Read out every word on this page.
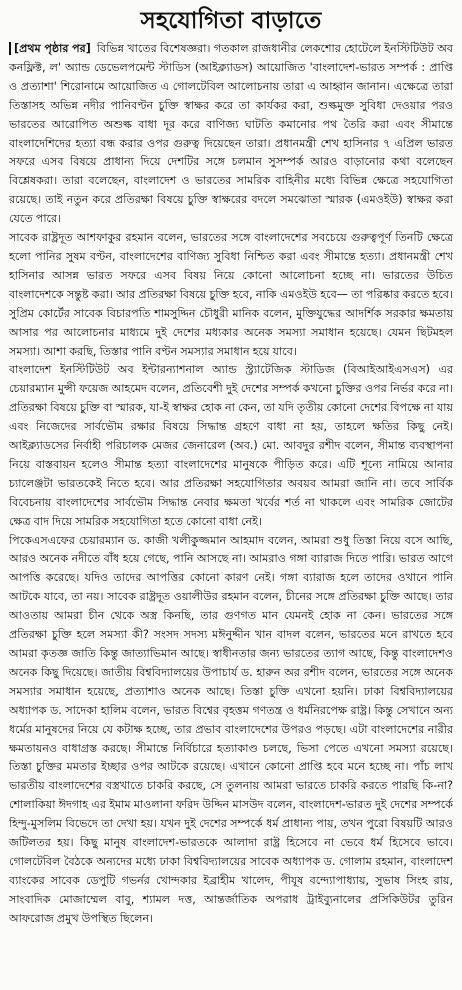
সহযোগিতা বাড়াতে

[প্রথম পৃষ্ঠার পর] বিভিন্ন খাতের বিশেষজ্ঞরা। গতকাল রাজধানীর লেকশোর হোটেলে ইনস্টিটিউট অব কনফ্লিক্ট, ল' অ্যান্ড ডেভেলপমেন্ট স্টাডিস (আইক্ল্যাডস) আয়োজিত 'বাংলাদেশ-ভারত সম্পর্ক : প্রাপ্তি ও প্রত্যাশা' শিরোনামে আয়োজিত এ গোলটেবিল আলোচনায় তারা এ আহ্বান জানান। এক্ষেত্রে তারা তিস্তাসহ অভিন্ন নদীর পানিবণ্টন চুক্তি স্বাক্ষর করে তা কার্যকর করা, শুল্কমুক্ত সুবিধা দেওয়ার পরও ভারতের আরোপিত অশুল্ক বাধা দূর করে বাণিজ্য ঘাটতি কমানোর পথ তৈরি করা এবং সীমান্তে বাংলাদেশিদের হত্যা বন্ধ করার ওপর গুরুত্ব দিয়েছেন তারা। প্রধানমন্ত্রী শেখ হাসিনার ৭ এপ্রিল ভারত সফরে এসব বিষয়ে প্রাধান্য দিয়ে দেশটির সঙ্গে চলমান সুসম্পর্ক আরও বাড়ানোর কথা বলেছেন বিশ্লেষকরা। তারা বলেছেন, বাংলাদেশ ও ভারতের সামরিক বাহিনীর মধ্যে বিভিন্ন ক্ষেত্রে সহযোগিতা রয়েছে। তাই নতুন করে প্রতিরক্ষা বিষয়ে চুক্তি স্বাক্ষরের বদলে সমঝোতা স্মারক (এমওইউ) স্বাক্ষর করা যেতে পারে।

সাবেক রাষ্ট্রদূত আশফাকুর রহমান বলেন, ভারতের সঙ্গে বাংলাদেশের সবচেয়ে গুরুত্বপূর্ণ তিনটি ক্ষেত্রে হলো পানির সুষম বণ্টন, বাংলাদেশের বাণিজ্য সুবিধা নিশ্চিত করা এবং সীমান্তে হত্যা। প্রধানমন্ত্রী শেখ হাসিনার আসন্ন ভারত সফরে এসব বিষয় নিয়ে কোনো আলোচনা হচ্ছে না। ভারতের উচিত বাংলাদেশকে সন্তুষ্ট করা। আর প্রতিরক্ষা বিষয়ে চুক্তি হবে, নাকি এমওইউ হবে— তা পরিষ্কার করতে হবে। সুপ্রিম কোর্টের সাবেক বিচারপতি শামসুদ্দিন চৌধুরী মানিক বলেন, মুক্তিযুদ্ধের আদর্শিক সরকার ক্ষমতায় আসার পর আলোচনার মাধ্যমে দুই দেশের মধ্যকার অনেক সমস্যা সমাধান হয়েছে। যেমন ছিটমহল সমস্যা। আশা করছি, তিস্তার পানি বণ্টন সমস্যার সমাধান হয়ে যাবে।

বাংলাদেশ ইনস্টিটিউট অব ইন্টারন্যাশনাল অ্যান্ড স্ট্র্যাটেজিক স্টাডিজ (বিআইআইএসএস) এর চেয়ারম্যান মুন্সী ফয়েজ আহমেদ বলেন, প্রতিবেশী দুই দেশের সম্পর্ক কখনো চুক্তির ওপর নির্ভর করে না। প্রতিরক্ষা বিষয়ে চুক্তি বা স্মারক, যা-ই স্বাক্ষর হোক না কেন, তা যদি তৃতীয় কোনো দেশের বিপক্ষে না যায় এবং নিজেদের সার্বভৌম রক্ষার বিষয়ে সিদ্ধান্ত গ্রহণে বাধা না হয়, তাহলে ক্ষতির কিছু নেই। আইক্ল্যাডসের নির্বাহী পরিচালক মেজর জেনারেল (অব.) মো. আবদুর রশীদ বলেন, সীমান্ত ব্যবস্থাপনা নিয়ে বাস্তবায়ন হলেও সীমান্ত হত্যা বাংলাদেশের মানুষকে পীড়িত করে। এটি শূন্যে নামিয়ে আনার চ্যালেঞ্জটা ভারতকেই নিতে হবে। আর প্রতিরক্ষা সহযোগিতার অবয়ব আমরা জানি না। তবে সার্বিক বিবেচনায় বাংলাদেশের সার্বভৌম সিদ্ধান্ত নেবার ক্ষমতা খর্বের শর্ত না থাকলে এবং সামরিক জোটের ক্ষেত্র বাদ দিয়ে সামরিক সহযোগিতা হতে কোনো বাধা নেই।

পিকেএসএফের চেয়ারম্যান ড. কাজী খলীকুজ্জমান আহমাদ বলেন, আমরা শুধু তিস্তা নিয়ে বসে আছি, আরও অনেক নদীতে বাঁধ হয়ে গেছে, পানি আসছে না। আমরাও গঙ্গা ব্যারাজ দিতে পারি। ভারত আগে আপত্তি করেছে। যদিও তাদের আপত্তির কোনো কারণ নেই। গঙ্গা ব্যারাজ হলে তাদের ওখানে পানি আটকে যাবে, তা নয়। সাবেক রাষ্ট্রদূত ওয়ালীউর রহমান বলেন, চীনের সঙ্গে প্রতিরক্ষা চুক্তি আছে। তার আওতায় আমরা চীন থেকে অস্ত্র কিনছি, তার গুণগত মান যেমনই হোক না কেন। ভারতের সঙ্গে প্রতিরক্ষা চুক্তি হলে সমস্যা কী? সংসদ সদস্য মঈনুদ্দীন খান বাদল বলেন, ভারতের মনে রাখতে হবে আমরা কৃতজ্ঞ জাতি কিন্তু জাত্যাভিমান আছে। স্বাধীনতার জন্য ভারতের ত্যাগ আছে, কিন্তু বাংলাদেশও অনেক কিছু দিয়েছে। জাতীয় বিশ্ববিদ্যালয়ের উপাচার্য ড. হারুন অর রশীদ বলেন, ভারতের সঙ্গে অনেক সমস্যার সমাধান হয়েছে, প্রত্যাশাও অনেক আছে। তিস্তা চুক্তি এখনো হয়নি। ঢাকা বিশ্ববিদ্যালয়ের অধ্যাপক ড. সাদেকা হালিম বলেন, ভারত বিশ্বের বৃহত্তম গণতন্ত্র ও ধর্মনিরপেক্ষ রাষ্ট্র। কিন্তু সেখানে অন্য ধর্মের মানুষদের নিয়ে যে কটাক্ষ হচ্ছে, তার প্রভাব বাংলাদেশের উপরও পড়ছে। এটা বাংলাদেশের নারীর ক্ষমতায়নও বাধাগ্রস্ত করছে। সীমান্তে নির্বিচারে হত্যাকাণ্ড চলছে, ভিসা পেতে এখনো সমস্যা রয়েছে। তিস্তা চুক্তির মমতার ইচ্ছার ওপর আটকে রয়েছে। এখানে কোনো প্রাপ্তি হবে মনে হচ্ছে না। পাঁচ লাখ ভারতীয় বাংলাদেশের বস্ত্রখাতে চাকরি করছে, সে তুলনায় আমরা ভারতে চাকরি করতে পারছি কি-না? শোলাকিয়া ঈদগাহ এর ইমাম মাওলানা ফরিদ উদ্দিন মাসউদ বলেন, বাংলাদেশ-ভারত দুই দেশের সম্পর্কে হিন্দু-মুসলিম বিভেদে তা দেখা হয়। যখন দুই দেশের সম্পর্কে ধর্ম প্রাধান্য পায়, তখন পুরো বিষয়টি আরও জটিলতর হয়। কিছু মানুষ বাংলাদেশ-ভারতকে আলাদা রাষ্ট্র হিসেবে না ভেবে ধর্ম হিসেবে ভাবে। গোলটেবিল বৈঠকে অন্যদের মধ্যে ঢাকা বিশ্ববিদ্যালয়ের সাবেক অধ্যাপক ড. গোলাম রহমান, বাংলাদেশ ব্যাংকের সাবেক ডেপুটি গভর্নর খোন্দকার ইব্রাহীম খালেদ, পীযূষ বন্দ্যোপাধ্যায়, সুভাষ সিংহ রায়, সাংবাদিক মোজাম্মেল বাবু, শ্যামল দত্ত, আন্তর্জাতিক অপরাধ ট্রাইব্যুনালের প্রসিকিউটর তুরিন আফরোজ প্রমুখ উপস্থিত ছিলেন।
